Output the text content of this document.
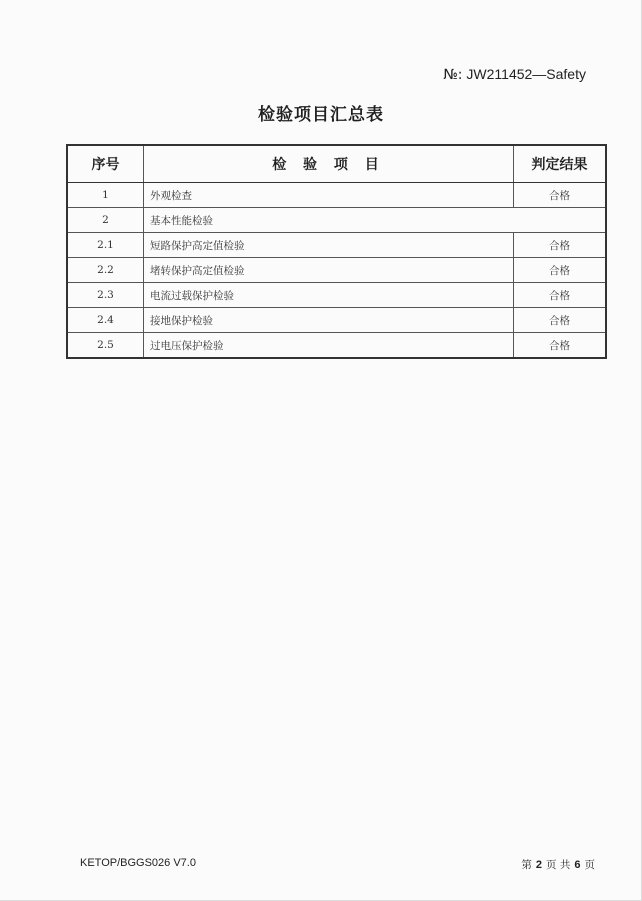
№: JW211452—Safety
检验项目汇总表
序号	检 验 项 目	判定结果
1	外观检查	合格
2	基本性能检验	
2.1	短路保护高定值检验	合格
2.2	堵转保护高定值检验	合格
2.3	电流过载保护检验	合格
2.4	接地保护检验	合格
2.5	过电压保护检验	合格
KETOP/BGGS026 V7.0	第 2 页 共 6 页
